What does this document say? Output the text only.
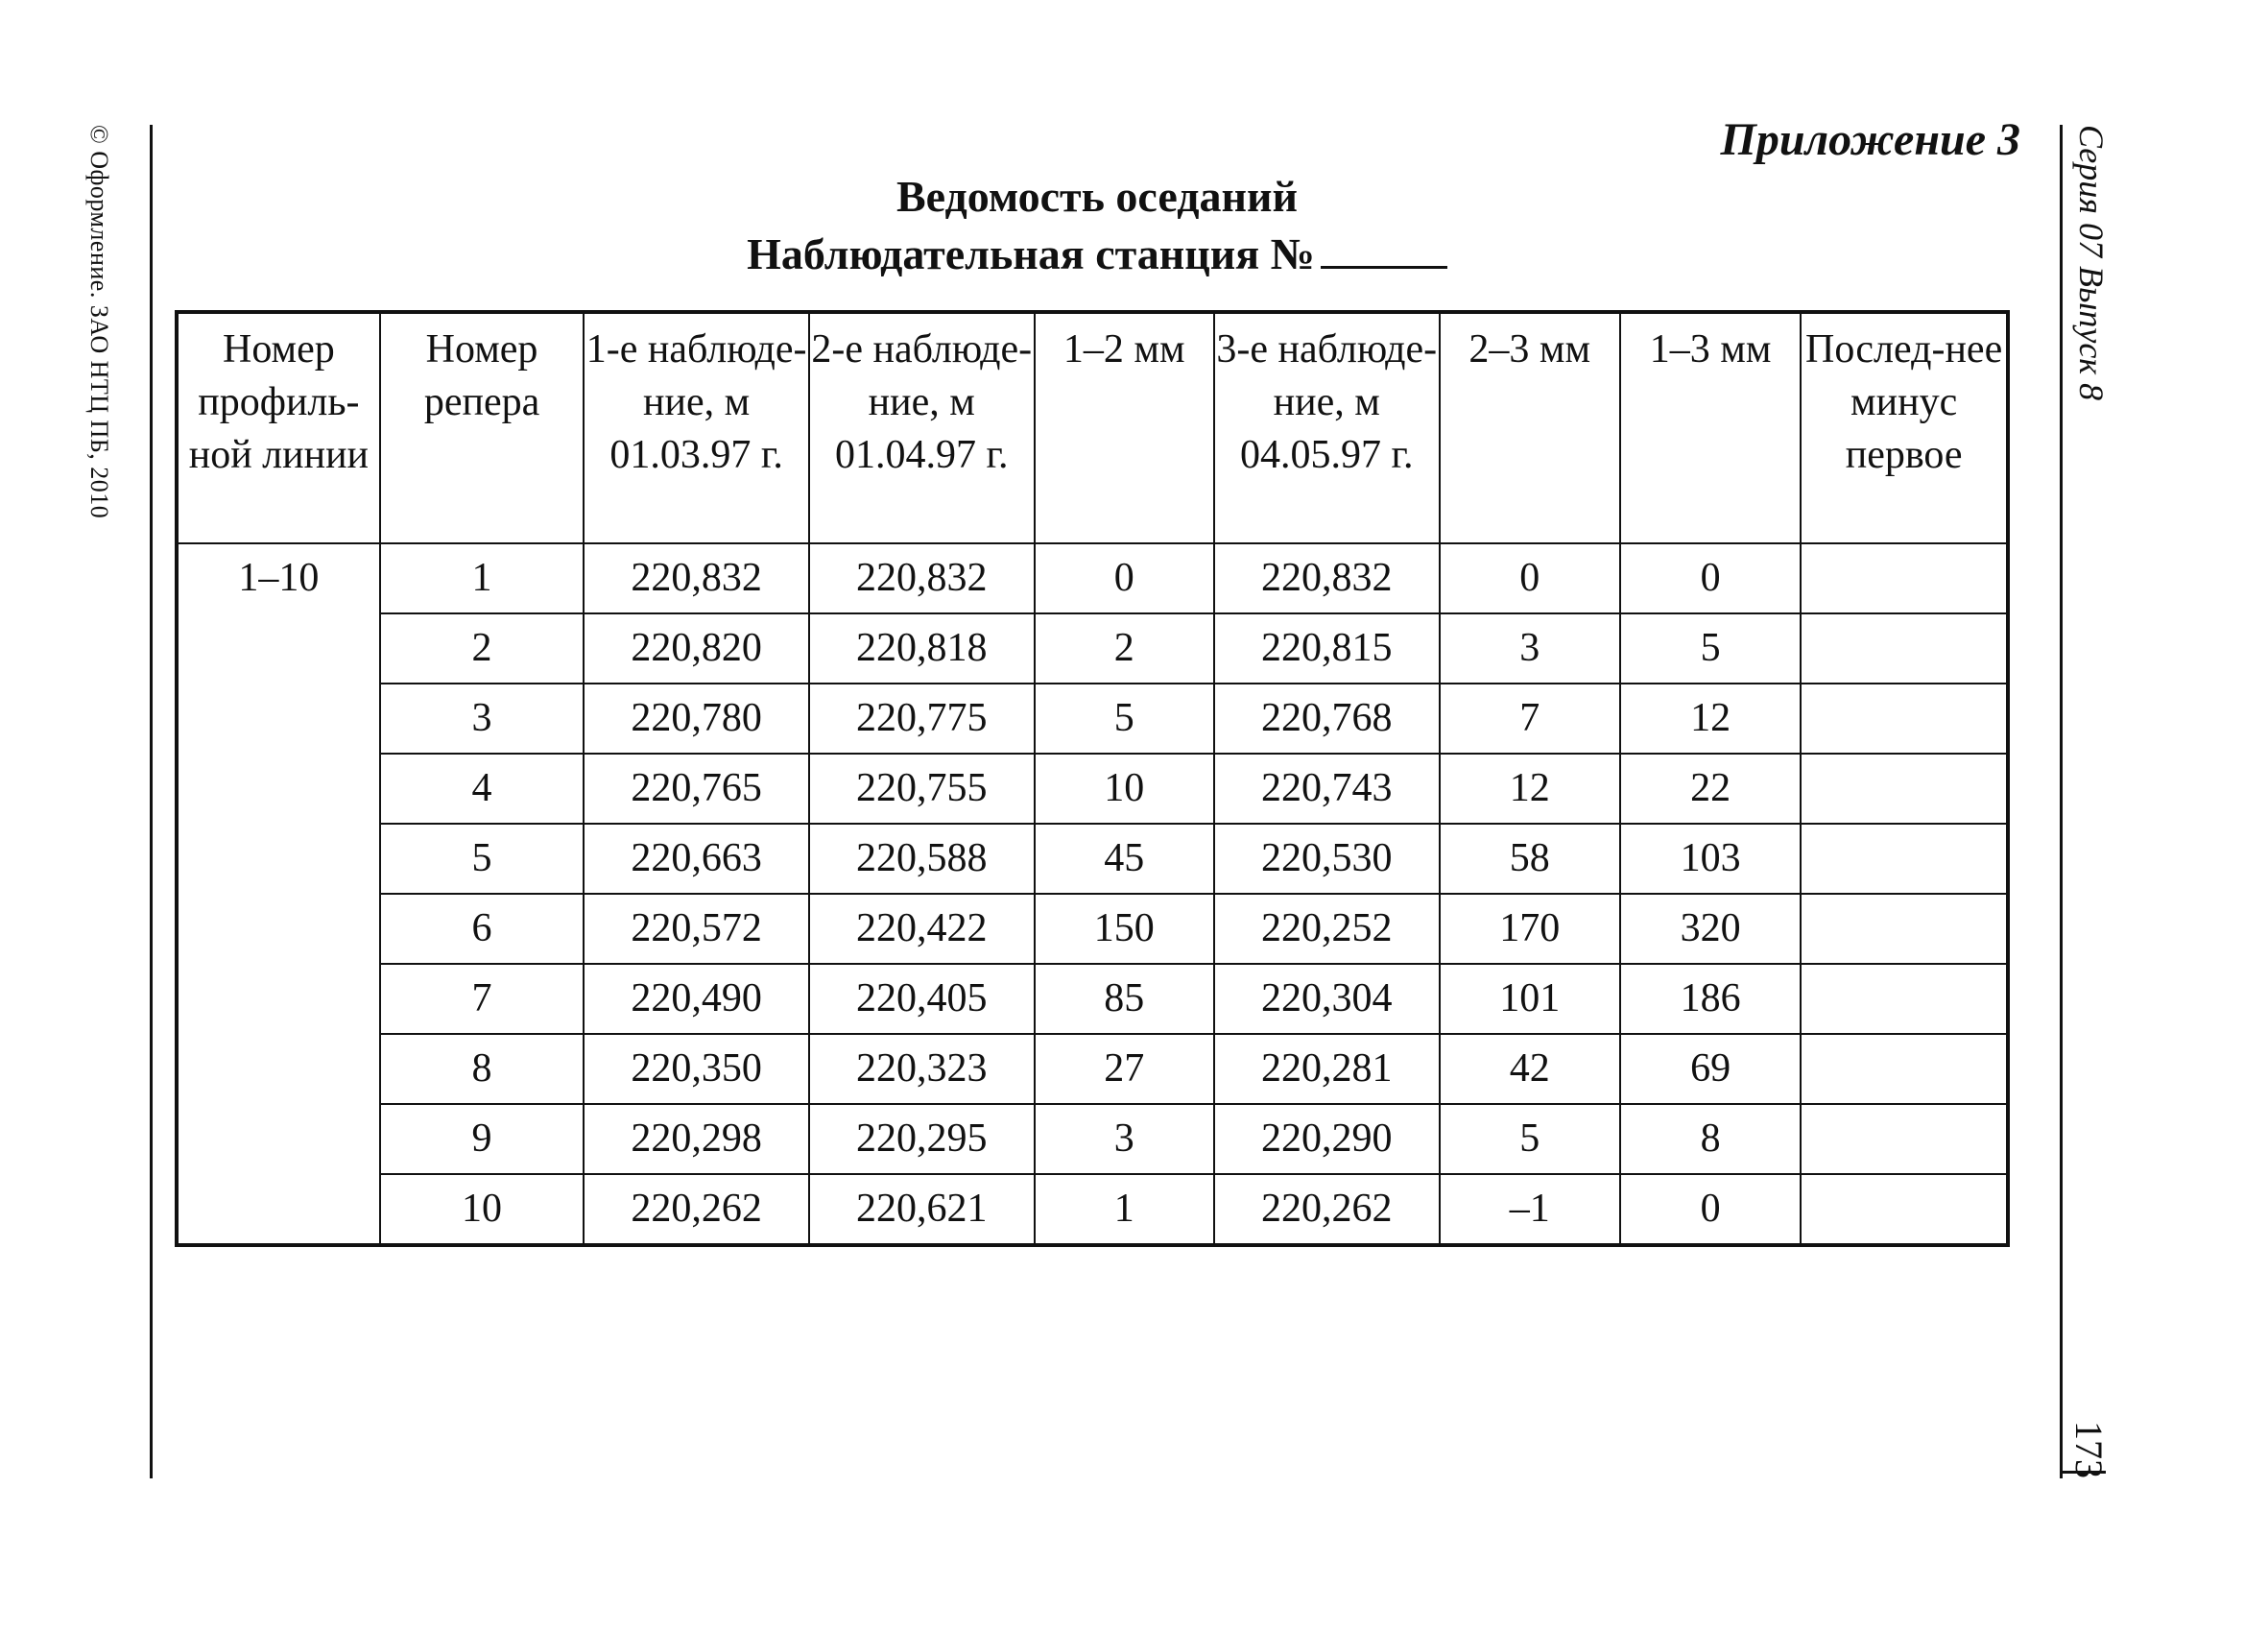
© Оформление. ЗАО НТЦ ПБ, 2010	Серия 07 Выпуск 8
173
Приложение 3
Ведомость оседаний
Наблюдательная станция №
Номер профиль-ной линии	Номер репера	1-е наблюде-ние, м 01.03.97 г.	2-е наблюде-ние, м 01.04.97 г.	1–2 мм	3-е наблюде-ние, м 04.05.97 г.	2–3 мм	1–3 мм	Послед-нее минус первое
1–10	1	220,832	220,832	0	220,832	0	0	
	2	220,820	220,818	2	220,815	3	5	
	3	220,780	220,775	5	220,768	7	12	
	4	220,765	220,755	10	220,743	12	22	
	5	220,663	220,588	45	220,530	58	103	
	6	220,572	220,422	150	220,252	170	320	
	7	220,490	220,405	85	220,304	101	186	
	8	220,350	220,323	27	220,281	42	69	
	9	220,298	220,295	3	220,290	5	8	
	10	220,262	220,621	1	220,262	–1	0	
